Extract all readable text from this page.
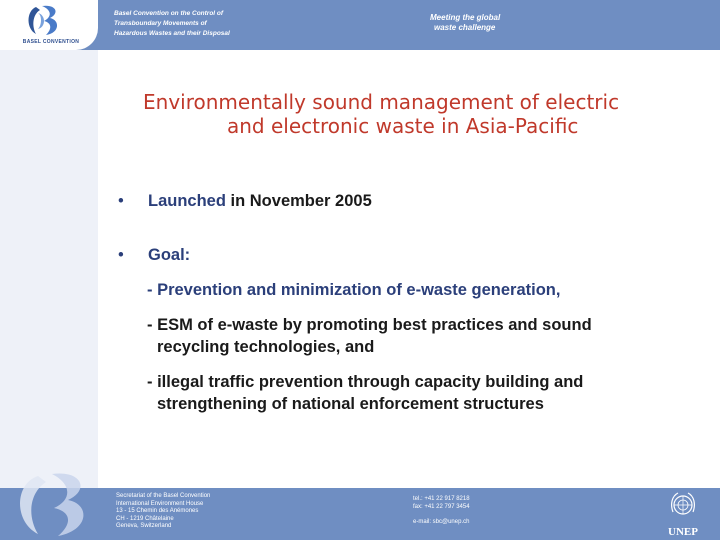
BASEL CONVENTION
Basel Convention on the Control of
Transboundary Movements of
Hazardous Wastes and their Disposal
Meeting the global
waste challenge
Environmentally sound management of electric
and electronic waste in Asia-Pacific
• Launched in November 2005
• Goal:
- Prevention and minimization of e-waste generation,
- ESM of e-waste by promoting best practices and sound
recycling technologies, and
- illegal traffic prevention through capacity building and
strengthening of national enforcement structures
Secretariat of the Basel Convention
International Environment House
13 - 15 Chemin des Anémones
CH - 1219 Châtelaine
Geneva, Switzerland
tel.: +41 22 917 8218
fax: +41 22 797 3454
e-mail: sbc@unep.ch
UNEP
